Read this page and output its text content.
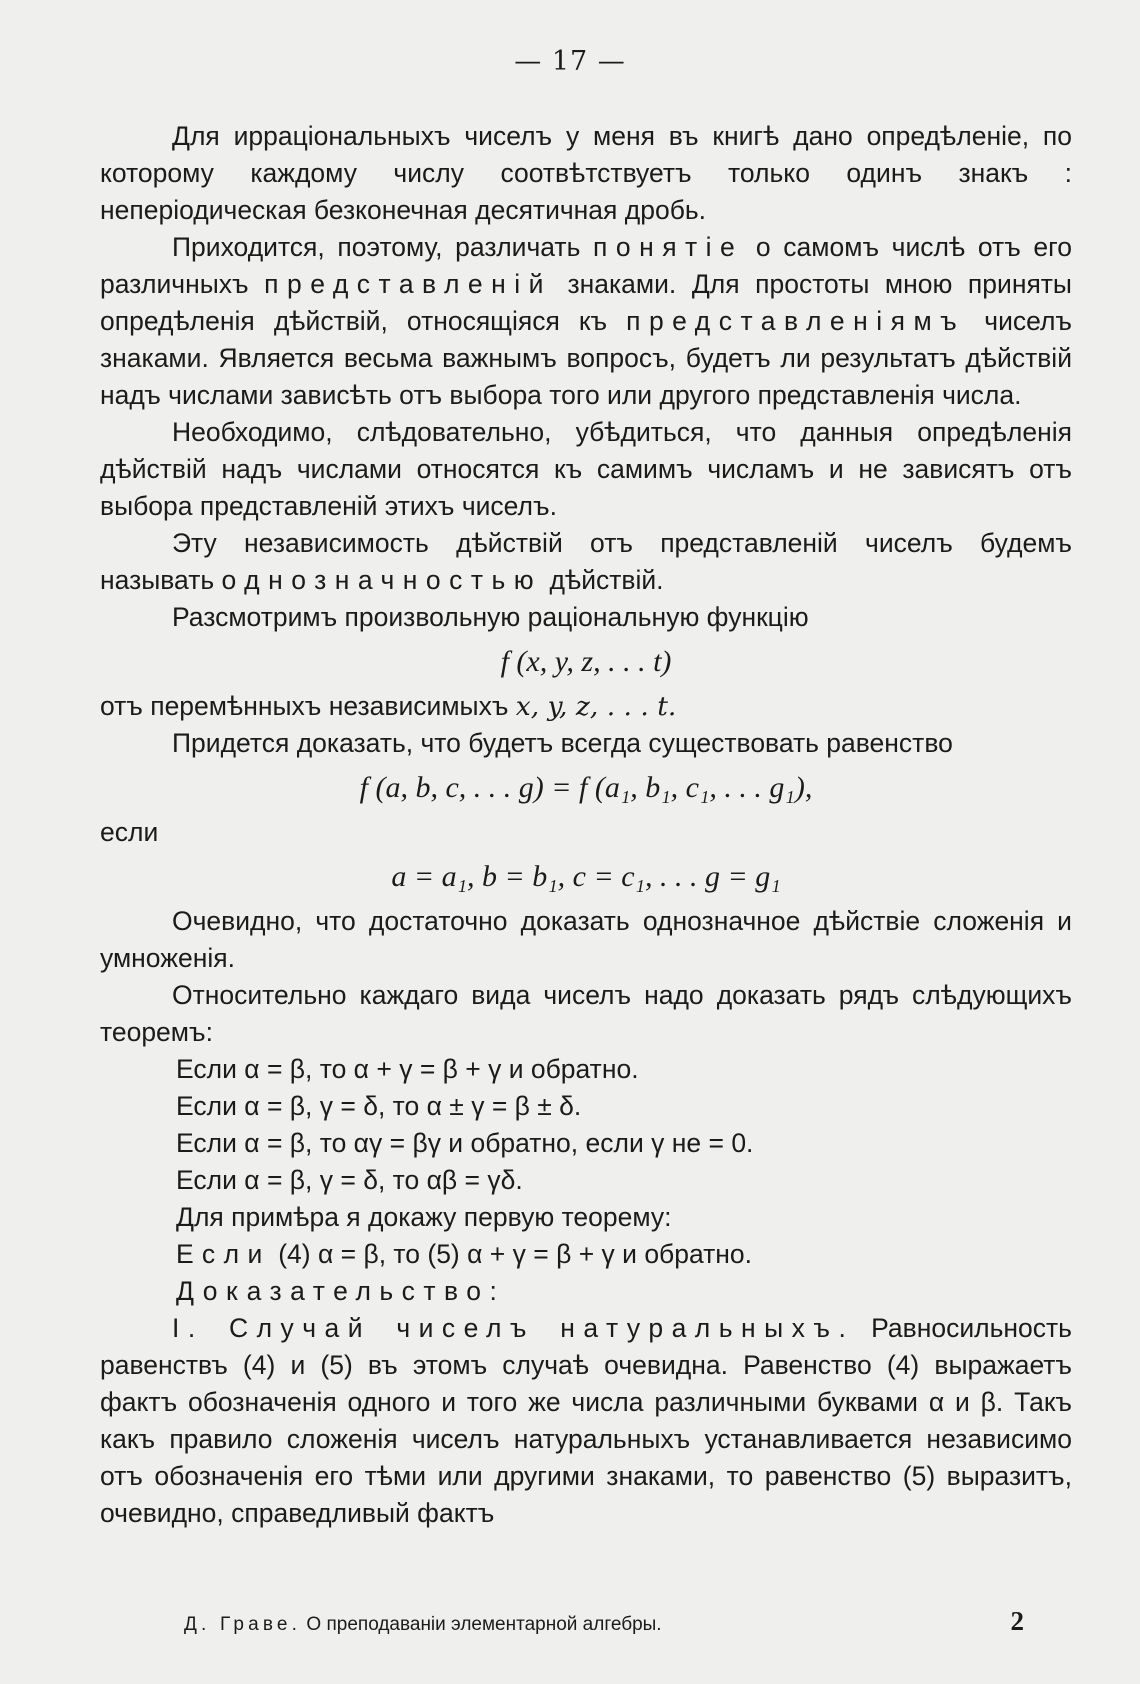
— 17 —

Для ирраціональныхъ чиселъ у меня въ книгѣ дано опредѣленіе, по которому каждому числу соотвѣтствуетъ только одинъ знакъ : неперіодическая безконечная десятичная дробь.

Приходится, поэтому, различать понятіе о самомъ числѣ отъ его различныхъ представленій знаками. Для простоты мною приняты опредѣленія дѣйствій, относящіяся къ представленіямъ чиселъ знаками. Является весьма важнымъ вопросъ, будетъ ли результатъ дѣйствій надъ числами зависѣть отъ выбора того или другого представленія числа.

Необходимо, слѣдовательно, убѣдиться, что данныя опредѣленія дѣйствій надъ числами относятся къ самимъ числамъ и не зависятъ отъ выбора представленій этихъ чиселъ.

Эту независимость дѣйствій отъ представленій чиселъ будемъ называть однозначностью дѣйствій.

Разсмотримъ произвольную раціональную функцію

f (x, y, z, . . . t)

отъ перемѣнныхъ независимыхъ x, y, z, . . . t.

Придется доказать, что будетъ всегда существовать равенство

f (a, b, c, . . . g) = f (a₁, b₁, c₁, . . . g₁),

если

a = a₁, b = b₁, c = c₁, . . . g = g₁

Очевидно, что достаточно доказать однозначное дѣйствіе сложенія и умноженія.

Относительно каждаго вида чиселъ надо доказать рядъ слѣдующихъ теоремъ:

Если α = β, то α + γ = β + γ и обратно.

Если α = β, γ = δ, то α ± γ = β ± δ.

Если α = β, то αγ = βγ и обратно, если γ не = 0.

Если α = β, γ = δ, то αβ = γδ.

Для примѣра я докажу первую теорему:

Если (4) α = β, то (5) α + γ = β + γ и обратно.

Доказательство:

I. Случай чиселъ натуральныхъ. Равносильность равенствъ (4) и (5) въ этомъ случаѣ очевидна. Равенство (4) выражаетъ фактъ обозначенія одного и того же числа различными буквами α и β. Такъ какъ правило сложенія чиселъ натуральныхъ устанавливается независимо отъ обозначенія его тѣми или другими знаками, то равенство (5) выразитъ, очевидно, справедливый фактъ

Д. Граве. О преподаваніи элементарной алгебры.	2
